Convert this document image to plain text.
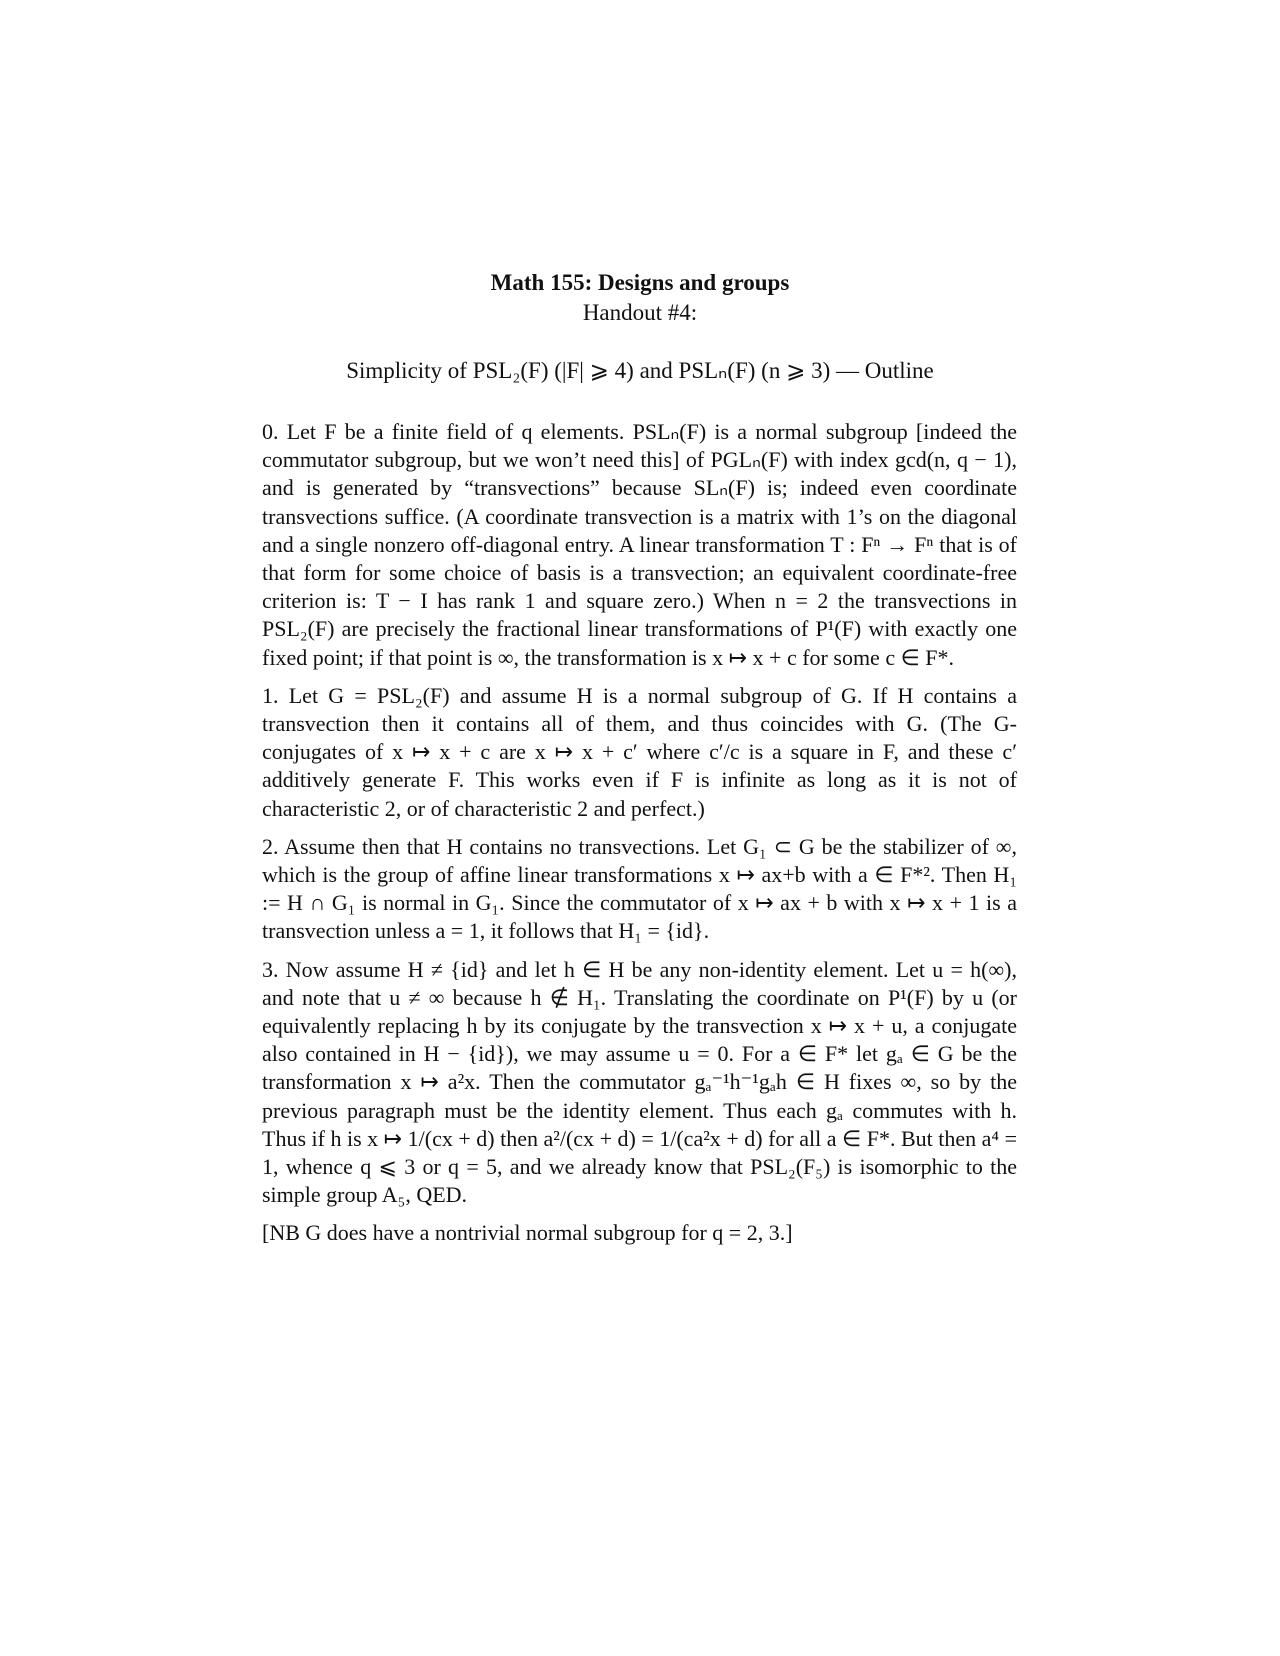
Math 155: Designs and groups
Handout #4:
Simplicity of PSL₂(F) (|F| ⩾ 4) and PSLₙ(F) (n ⩾ 3) — Outline

0. Let F be a finite field of q elements. PSLₙ(F) is a normal subgroup [indeed the commutator subgroup, but we won’t need this] of PGLₙ(F) with index gcd(n, q − 1), and is generated by “transvections” because SLₙ(F) is; indeed even coordinate transvections suffice. (A coordinate transvection is a matrix with 1’s on the diagonal and a single nonzero off-diagonal entry. A linear transformation T : Fⁿ → Fⁿ that is of that form for some choice of basis is a transvection; an equivalent coordinate-free criterion is: T − I has rank 1 and square zero.) When n = 2 the transvections in PSL₂(F) are precisely the fractional linear transformations of P¹(F) with exactly one fixed point; if that point is ∞, the transformation is x ↦ x + c for some c ∈ F*.

1. Let G = PSL₂(F) and assume H is a normal subgroup of G. If H contains a transvection then it contains all of them, and thus coincides with G. (The G-conjugates of x ↦ x + c are x ↦ x + c′ where c′/c is a square in F, and these c′ additively generate F. This works even if F is infinite as long as it is not of characteristic 2, or of characteristic 2 and perfect.)

2. Assume then that H contains no transvections. Let G₁ ⊂ G be the stabilizer of ∞, which is the group of affine linear transformations x ↦ ax+b with a ∈ F*². Then H₁ := H ∩ G₁ is normal in G₁. Since the commutator of x ↦ ax + b with x ↦ x + 1 is a transvection unless a = 1, it follows that H₁ = {id}.

3. Now assume H ≠ {id} and let h ∈ H be any non-identity element. Let u = h(∞), and note that u ≠ ∞ because h ∉ H₁. Translating the coordinate on P¹(F) by u (or equivalently replacing h by its conjugate by the transvection x ↦ x + u, a conjugate also contained in H − {id}), we may assume u = 0. For a ∈ F* let gₐ ∈ G be the transformation x ↦ a²x. Then the commutator gₐ⁻¹h⁻¹gₐh ∈ H fixes ∞, so by the previous paragraph must be the identity element. Thus each gₐ commutes with h. Thus if h is x ↦ 1/(cx + d) then a²/(cx + d) = 1/(ca²x + d) for all a ∈ F*. But then a⁴ = 1, whence q ⩽ 3 or q = 5, and we already know that PSL₂(F₅) is isomorphic to the simple group A₅, QED.

[NB G does have a nontrivial normal subgroup for q = 2, 3.]
